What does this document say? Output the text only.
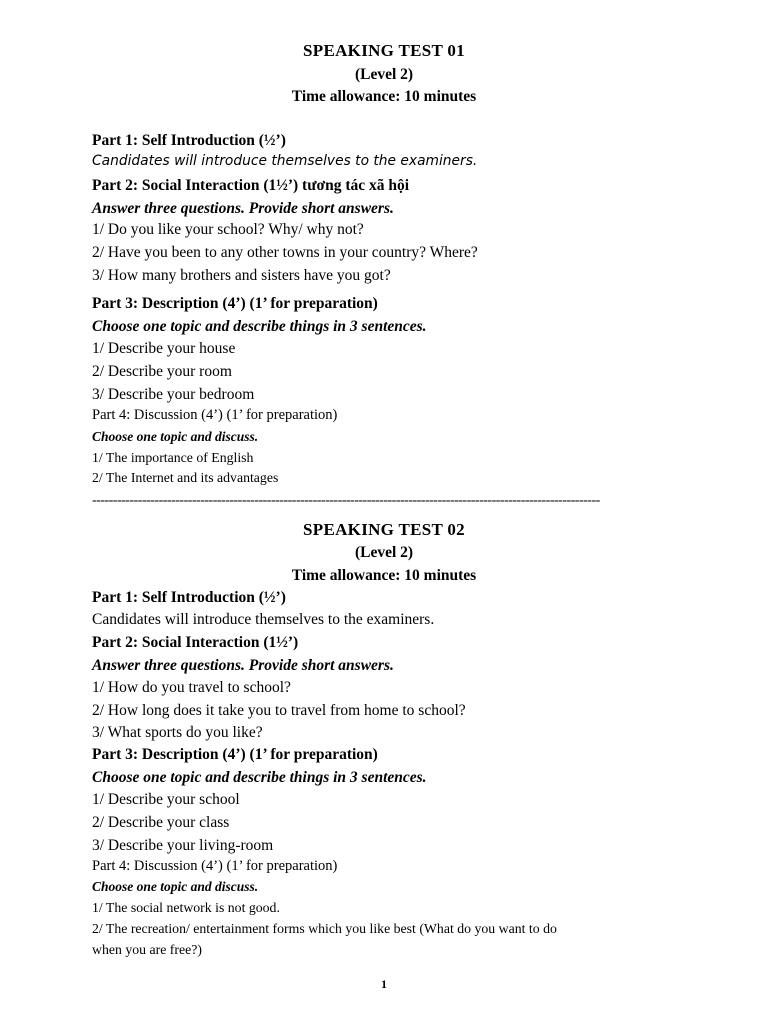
SPEAKING TEST 01
(Level 2)
Time allowance: 10 minutes
Part 1: Self Introduction (½’)
Candidates will introduce themselves to the examiners.
Part 2: Social Interaction (1½’) tương tác xã hội
Answer three questions. Provide short answers.
1/ Do you like your school? Why/ why not?
2/ Have you been to any other towns in your country? Where?
3/ How many brothers and sisters have you got?
Part 3: Description (4’) (1’ for preparation)
Choose one topic and describe things in 3 sentences.
1/ Describe your house
2/ Describe your room
3/ Describe your bedroom
Part 4: Discussion (4’) (1’ for preparation)
Choose one topic and discuss.
1/ The importance of English
2/ The Internet and its advantages
--------------------------------------------------------------------------------------------------------------------------
SPEAKING TEST 02
(Level 2)
Time allowance: 10 minutes
Part 1: Self Introduction (½’)
Candidates will introduce themselves to the examiners.
Part 2: Social Interaction (1½’)
Answer three questions. Provide short answers.
1/ How do you travel to school?
2/ How long does it take you to travel from home to school?
3/ What sports do you like?
Part 3: Description (4’) (1’ for preparation)
Choose one topic and describe things in 3 sentences.
1/ Describe your school
2/ Describe your class
3/ Describe your living-room
Part 4: Discussion (4’) (1’ for preparation)
Choose one topic and discuss.
1/ The social network is not good.
2/ The recreation/ entertainment forms which you like best (What do you want to do
when you are free?)
1
